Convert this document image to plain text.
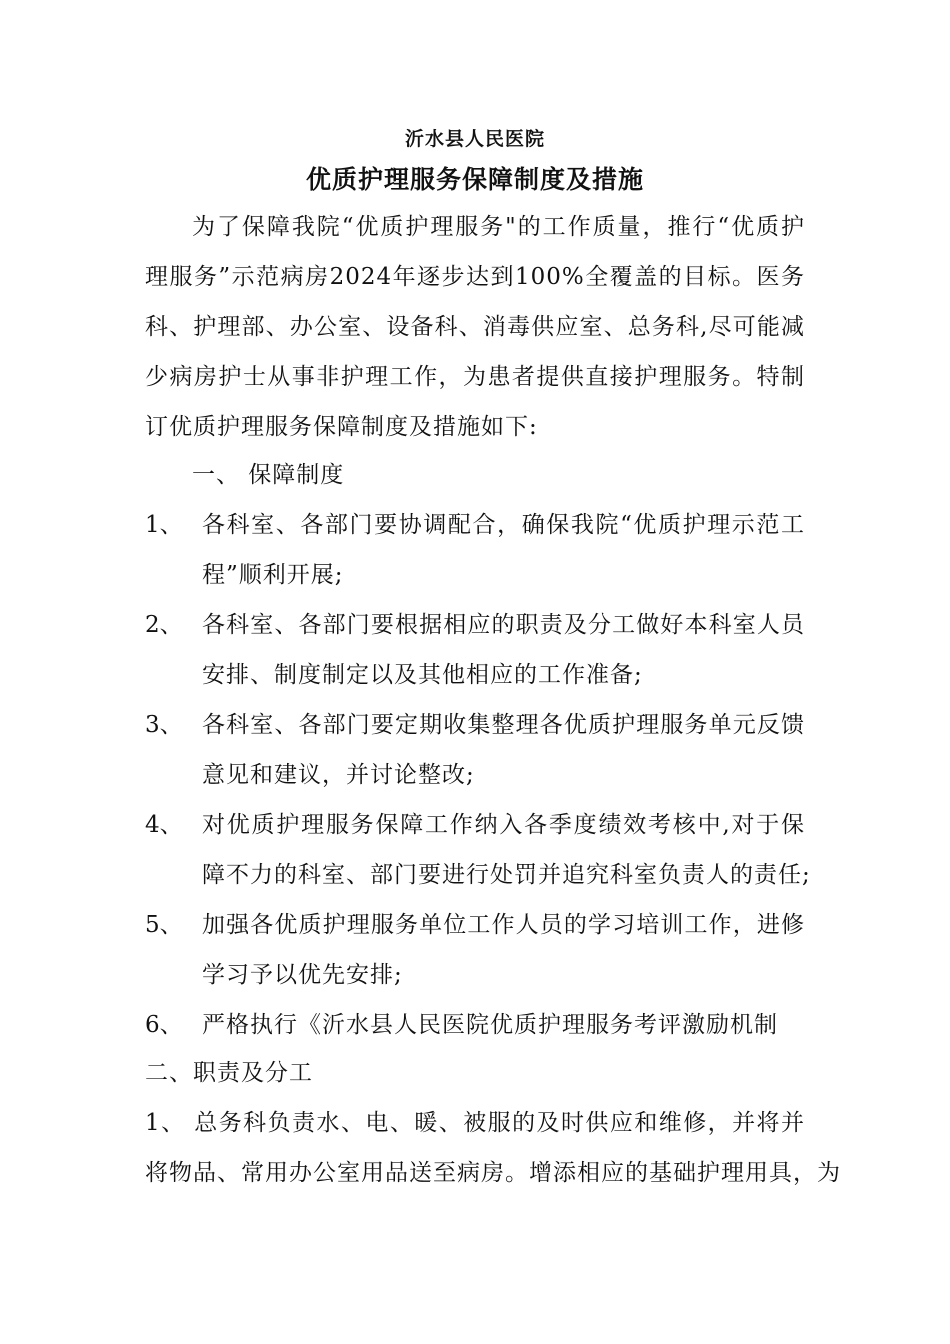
沂水县人民医院
优质护理服务保障制度及措施
为了保障我院“优质护理服务"的工作质量，推行“优质护
理服务”示范病房2024年逐步达到100%全覆盖的目标。医务
科、护理部、办公室、设备科、消毒供应室、总务科,尽可能减
少病房护士从事非护理工作，为患者提供直接护理服务。特制
订优质护理服务保障制度及措施如下:
一、 保障制度
1、 各科室、各部门要协调配合，确保我院“优质护理示范工
程”顺利开展;
2、 各科室、各部门要根据相应的职责及分工做好本科室人员
安排、制度制定以及其他相应的工作准备;
3、 各科室、各部门要定期收集整理各优质护理服务单元反馈
意见和建议，并讨论整改;
4、 对优质护理服务保障工作纳入各季度绩效考核中,对于保
障不力的科室、部门要进行处罚并追究科室负责人的责任;
5、 加强各优质护理服务单位工作人员的学习培训工作，进修
学习予以优先安排;
6、 严格执行《沂水县人民医院优质护理服务考评激励机制
二、职责及分工
1、 总务科负责水、电、暖、被服的及时供应和维修，并将并
将物品、常用办公室用品送至病房。增添相应的基础护理用具，为
